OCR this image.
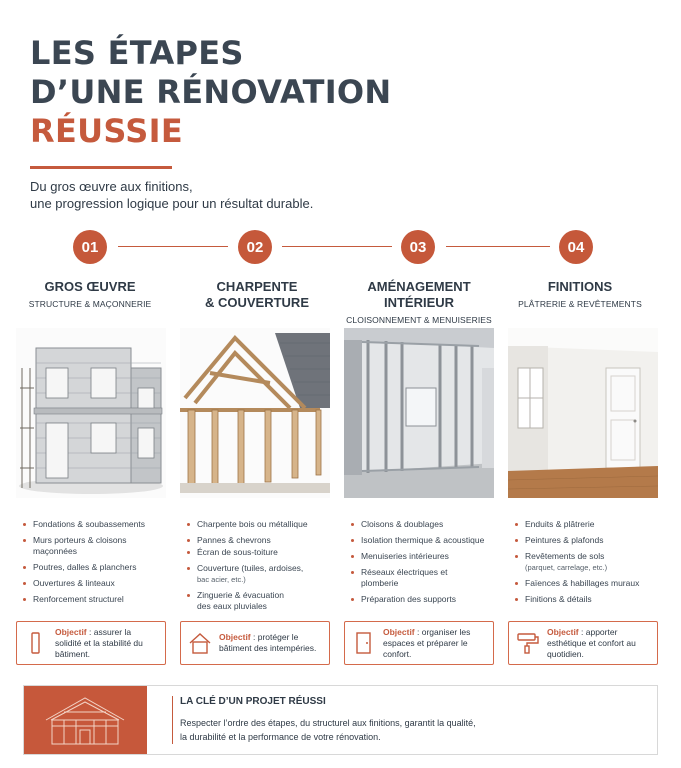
LES ÉTAPES
D’UNE RÉNOVATION
RÉUSSIE
Du gros œuvre aux finitions,
une progression logique pour un résultat durable.
01	02	03	04
GROS ŒUVRE
STRUCTURE & MAÇONNERIE
CHARPENTE
& COUVERTURE
AMÉNAGEMENT
INTÉRIEUR
CLOISONNEMENT & MENUISERIES
FINITIONS
PLÂTRERIE & REVÊTEMENTS
Fondations & soubassements
Murs porteurs & cloisons maçonnées
Poutres, dalles & planchers
Ouvertures & linteaux
Renforcement structurel
Charpente bois ou métallique
Pannes & chevrons
Écran de sous-toiture
Couverture (tuiles, ardoises,
bac acier, etc.)
Zinguerie & évacuation des eaux pluviales
Cloisons & doublages
Isolation thermique & acoustique
Menuiseries intérieures
Réseaux électriques et plomberie
Préparation des supports
Enduits & plâtrerie
Peintures & plafonds
Revêtements de sols
(parquet, carrelage, etc.)
Faïences & habillages muraux
Finitions & détails
Objectif : assurer la solidité et la stabilité du bâtiment.
Objectif : protéger le bâtiment des intempéries.
Objectif : organiser les espaces et préparer le confort.
Objectif : apporter esthétique et confort au quotidien.
LA CLÉ D’UN PROJET RÉUSSI
Respecter l’ordre des étapes, du structurel aux finitions, garantit la qualité,
la durabilité et la performance de votre rénovation.
